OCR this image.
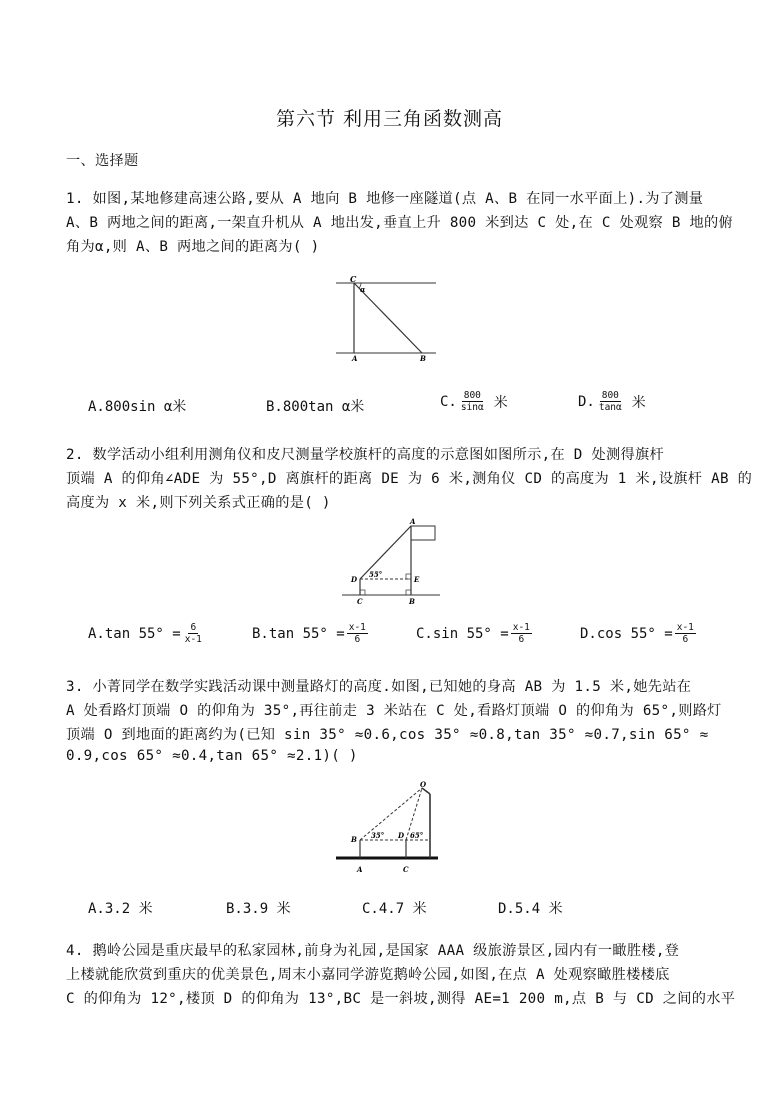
第六节 利用三角函数测高
一、选择题
1. 如图,某地修建高速公路,要从 A 地向 B 地修一座隧道(点 A、B 在同一水平面上).为了测量
A、B 两地之间的距离,一架直升机从 A 地出发,垂直上升 800 米到达 C 处,在 C 处观察 B 地的俯
角为α,则 A、B 两地之间的距离为( )
C
α
A	B
A.800sin α米	B.800tan α米	C. $\frac{800}{\sin\alpha}$ 米	D. $\frac{800}{\tan\alpha}$ 米
2. 数学活动小组利用测角仪和皮尺测量学校旗杆的高度的示意图如图所示,在 D 处测得旗杆
顶端 A 的仰角∠ADE 为 55°,D 离旗杆的距离 DE 为 6 米,测角仪 CD 的高度为 1 米,设旗杆 AB 的
高度为 x 米,则下列关系式正确的是( )
A
D
55°
E
C	B
A.tan $55^\circ = \frac{6}{x-1}$	B.tan $55^\circ = \frac{x-1}{6}$	C.sin $55^\circ = \frac{x-1}{6}$	D.cos $55^\circ = \frac{x-1}{6}$
3. 小菁同学在数学实践活动课中测量路灯的高度.如图,已知她的身高 AB 为 1.5 米,她先站在
A 处看路灯顶端 O 的仰角为 35°,再往前走 3 米站在 C 处,看路灯顶端 O 的仰角为 65°,则路灯
顶端 O 到地面的距离约为(已知 sin 35° ≈0.6,cos 35° ≈0.8,tan 35° ≈0.7,sin 65° ≈
0.9,cos 65° ≈0.4,tan 65° ≈2.1)( )
O
B 35° D 65°
A	C
A.3.2 米	B.3.9 米	C.4.7 米	D.5.4 米
4. 鹅岭公园是重庆最早的私家园林,前身为礼园,是国家 AAA 级旅游景区,园内有一瞰胜楼,登
上楼就能欣赏到重庆的优美景色,周末小嘉同学游览鹅岭公园,如图,在点 A 处观察瞰胜楼楼底
C 的仰角为 12°,楼顶 D 的仰角为 13°,BC 是一斜坡,测得 AE=1 200 m,点 B 与 CD 之间的水平
